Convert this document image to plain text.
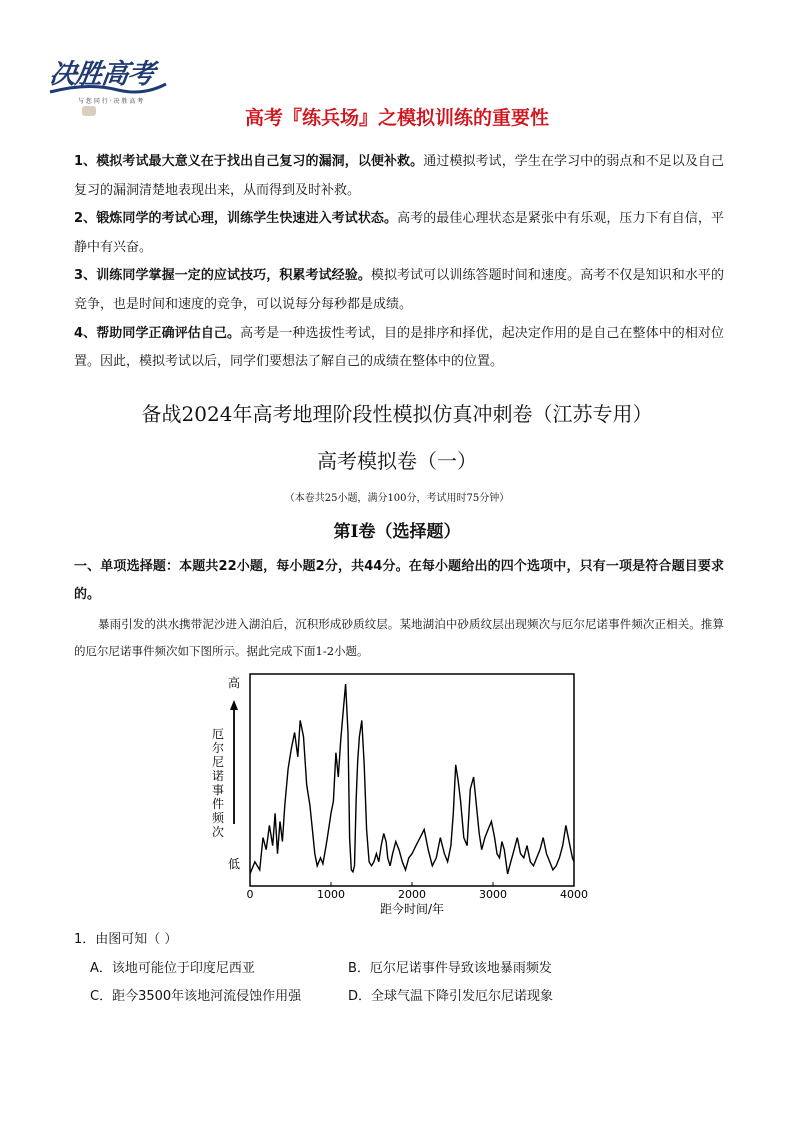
决胜高考
与 您 同 行 · 决 胜 高 考
高考『练兵场』之模拟训练的重要性

1、模拟考试最大意义在于找出自己复习的漏洞，以便补救。通过模拟考试，学生在学习中的弱点和不足以及自己复习的漏洞清楚地表现出来，从而得到及时补救。

2、锻炼同学的考试心理，训练学生快速进入考试状态。高考的最佳心理状态是紧张中有乐观，压力下有自信，平静中有兴奋。

3、训练同学掌握一定的应试技巧，积累考试经验。模拟考试可以训练答题时间和速度。高考不仅是知识和水平的竞争，也是时间和速度的竞争，可以说每分每秒都是成绩。

4、帮助同学正确评估自己。高考是一种选拔性考试，目的是排序和择优，起决定作用的是自己在整体中的相对位置。因此，模拟考试以后，同学们要想法了解自己的成绩在整体中的位置。

备战2024年高考地理阶段性模拟仿真冲刺卷（江苏专用）
高考模拟卷（一）
（本卷共25小题，满分100分，考试用时75分钟）
第I卷（选择题）
一、单项选择题：本题共22小题，每小题2分，共44分。在每小题给出的四个选项中，只有一项是符合题目要求的。
暴雨引发的洪水携带泥沙进入湖泊后，沉积形成砂质纹层。某地湖泊中砂质纹层出现频次与厄尔尼诺事件频次正相关。推算的厄尔尼诺事件频次如下图所示。据此完成下面1-2小题。
高
低
厄尔尼诺事件频次
0	1000	2000	3000	4000
距今时间/年
1．由图可知（ ）
A．该地可能位于印度尼西亚	B．厄尔尼诺事件导致该地暴雨频发
C．距今3500年该地河流侵蚀作用强	D．全球气温下降引发厄尔尼诺现象
